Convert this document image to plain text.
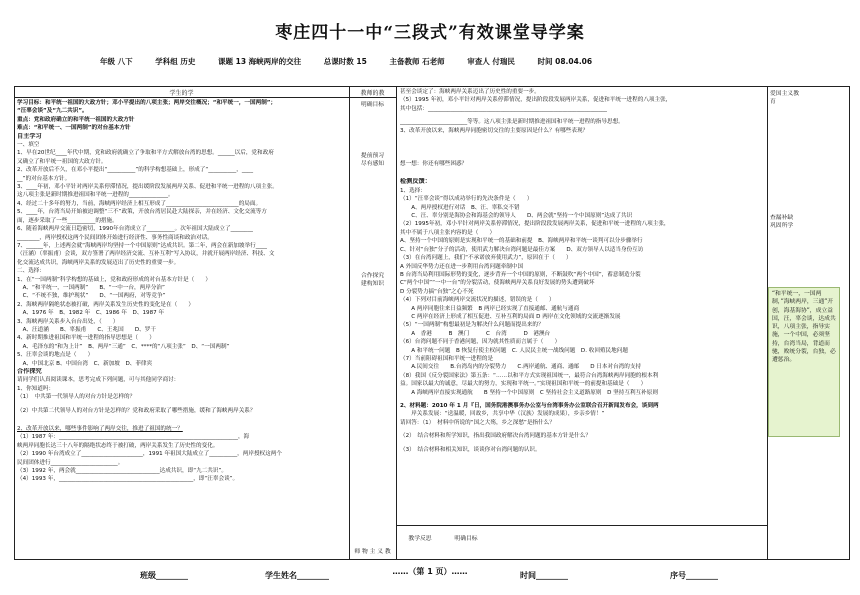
枣庄四十一中“三段式”有效课堂导学案
年级 八下	学科组 历史	课题 13 海峡两岸的交往	总课时数 15	主备教师 石老师	审查人 付瑞民	时间 08.04.06
学生的学	教师的教

学习目标：和平统一祖国的大政方针；邓小平提出的八项主张；两岸交往概况；“和平统一，一国两制”；

“汪辜会谈”及“九二共识”。

重点：党和政府确立的和平统一祖国的大政方针

难点：“和平统一、一国两制”的对台基本方针

自主学习

一、填空

1、早在20世纪____年代中期，党和政府就确立了争取和平方式解放台湾的思想。______以后，党和政府

又确立了和平统一祖国的大政方针。

2、改革开放后不久，在邓小平提出“__________”的科学构想基础上，形成了“__________，____

__”的对台基本方针。

3、____年初，邓小平针对两岸关系停滞情况，提出缓阶段发展两岸关系、促进和平统一进程的八项主张。

这八项主张是新时期推进祖国和平统一进程的______________。

4、经过二十多年的努力，当前，海峡两岸经济上相互形成了__________________________的局面。

5、____年，台湾当局开始被迫调整“三不”政策，开放台湾居民赴大陆探亲，并在经济、文化交流等方

面，逐步采取了一些__________的措施。

6、随着海峡两岸交流日趋密切，1990年台湾成立了__________。次年祖国大陆成立了________

________，两岸授权这两个民间团体开始进行经济性、事务性商谈和政治对话。

7、______年，上述两会就“海峡两岸均坚持一个中国原则”达成共识。第二年，两会在新加坡举行____

（汪涵）（辜振甫）会谈，双方签署了两岸经济交流、互补互利”写入协议，并就开展两岸经济、科技、文

化交流达成共识，海峡两岸关系的发展迈出了历史性的重要一步。

二、选择：

1、在“一国两制”科学构想的基础上，党和政府形成的对台基本方针是（　　）

　A、“和平统一，一国两制”　　B、“一中一台，两岸分治”

　C、“不统不独，维护现状”　　D、“一国两府，对等竞争”

2、海峡两岸隔绝状态被打破，两岸关系发生历史性的变化是在（　　）

　A、1976 年　B、1982 年　C、1986 年　D、1987 年

3、海峡两岸关系步入台台出处，（　　）

　A、汪道涵　　B、辜振甫　　C、王兆国　　D、罗干

4、新时期推进祖国和平统一进程的指导思想是（　　）

　A、毛泽东的“和为上计”　B、两岸“三通”　C、****的“八项主张”　D、“一国两制”

5、汪辜会谈的地点是（　　）

　A、中国北京 B、中国台湾　C、新加坡　D、菲律宾

合作探究

请同学们认真阅读课本，思考完成下列问题，可与其他同学商讨：

1、你知道吗：

（1）　中共第一代领导人的对台方针是怎样的？

（2）中共第二代领导人的对台方针是怎样的？党和政府采取了哪些措施，缓和了海峡两岸关系？

2、改革开放以来，哪些事件影响了两岸交往，推进了祖国的统一？

（1）1987 年：________________________________________________________________，海

峡两岸同胞长达三十八年的隔绝状态终于被打破，两岸关系发生了历史性的变化。

（2）1990 年台湾成立了______________________，1991 年祖国大陆成立了__________，两岸授权这两个

民间团体进行________________________。

（3）1992 年，两会就______________________________达成共识，即“九二共识”。

（4）1993 年，________________________________________________，即“汪辜会谈”。

明确目标
提前预习
尽有感知
合作探究
建构知识
师 物 主 义 教

甚至会谈定了：海峡两岸关系迈出了历史性的重要一步。

（5）1995 年初，邓小平针对两岸关系停滞情况，提出阶段段发展两岸关系，促进和平统一进程的八项主张，

其中包括：________________________________________________________________

________________________等等。这八项主张是新时期推进祖国和平统一进程的指导思想。

3、改革开放以来，海峡两岸同胞密切交往的主要原因是什么？有哪些表现？

想一想：你还有哪些困惑？

检测反馈：

1、选择：

（1）“汪辜会谈”得以成功举行的先决条件是（　　）

　　A、两岸授权进行对话　B、汪、辜私交不错

　　C、汪、辜分别是海协会和海基会的领导人　　D、两会就“坚持一个中国原则”达成了共识

（2）1995年初，邓小平针对两岸关系停滞情况，提出阶段段发展两岸关系，促进和平统一进程的八项主张，

其中不属于八项主张内容的是（　　）

A、坚持一个中国的原则是实现和平统一的基础和前提　B、海峡两岸和平统一谈判可以分步骤举行

C、针对“台独”分子的活动，使用武力解决台湾问题是最佳方案　　D、双方领导人以适当身份互访

（3）在台湾问题上，我们“不承诺放弃使用武力”，原因在于（　　）

A 外国反华势力还在进一步利用台湾问题牵制中国

B 台湾当局利用国际形势的变化，逐步背弃一个中国的原则，不断鼓吹“两个中国”，蓄意制造分裂

C“两个中国”“一中一台”的分裂活动，使海峡两岸关系良好发展的势头遭到破坏

D 分裂势力搞“台独”之心不死

（4）下列对目前海峡两岸交流状况的描述，错误的是（　　）

　　A 两岸同胞往来日益频繁　B 两岸已经实现了直接通邮、通航与通商

　　C 两岸在经济上形成了相互促进、互补互利的局面 D 两岸在文化领域的交流逐渐发展

（5）“一国两制”构想最初是为解决什么问题而提出来的？

　　A　香港　　　B　澳门　　　C　台湾　　　D　港澳台

（6）台湾问题不同于香港问题，因为就其性质而言属于（　　）

　　A 和平统一问题　B 恢复行使主权问题　C. 人民民主统一战线问题　D. 收回殖民地问题

（7）当前阻碍祖国和平统一进程的是

　　A.民间交往　　B.台湾岛内的分裂势力　　C.两岸通航、通商、通邮　　D 日本对台湾的支持

（8）我国《反分裂国家法》第五条：“……以和平方式实现祖国统一，最符合台湾海峡两岸同胞的根本利

益。国家以最大的诚意，尽最大的努力，实现和平统一。”实现祖国和平统一的前提和基础是（　　）

　　A 海峡两岸直接实现通航　　B 坚持一个中国原则　C 坚持社会主义道路原则　D 坚持互利互补原则

2、材料题：2010 年 1 月『日，国务院港澳事务办公室与台湾事务办公室联合召开新闻发布会，谈到两

　　岸关系发展：“送温暖，回故乡，共享中华（汉族）发展的成果），乡亲乡情！”

请回答：（1）　材料中所说的“国之大殇，乡之深愁”是指什么？

（2）　结合材料和所学知识，指出我国政府解决台湾问题的基本方针是什么？

（3）　结合材料和相关知识，谈谈你对台湾问题的认识。

教学反思	明确目标
爱国主义教
育
查漏补缺
巩固所学
“和平统一，一国两制，”海峡两岸，三通”开创，海基海协”，成立益国，汪，辜会谈，达成共识，八项主张，指导实施，一个中国，必须坚持，台湾当局，背道而驰，败统分裂，台独，必遭惩治。
……（第 1 页）……
班级________	学生姓名________	时间________	序号________
